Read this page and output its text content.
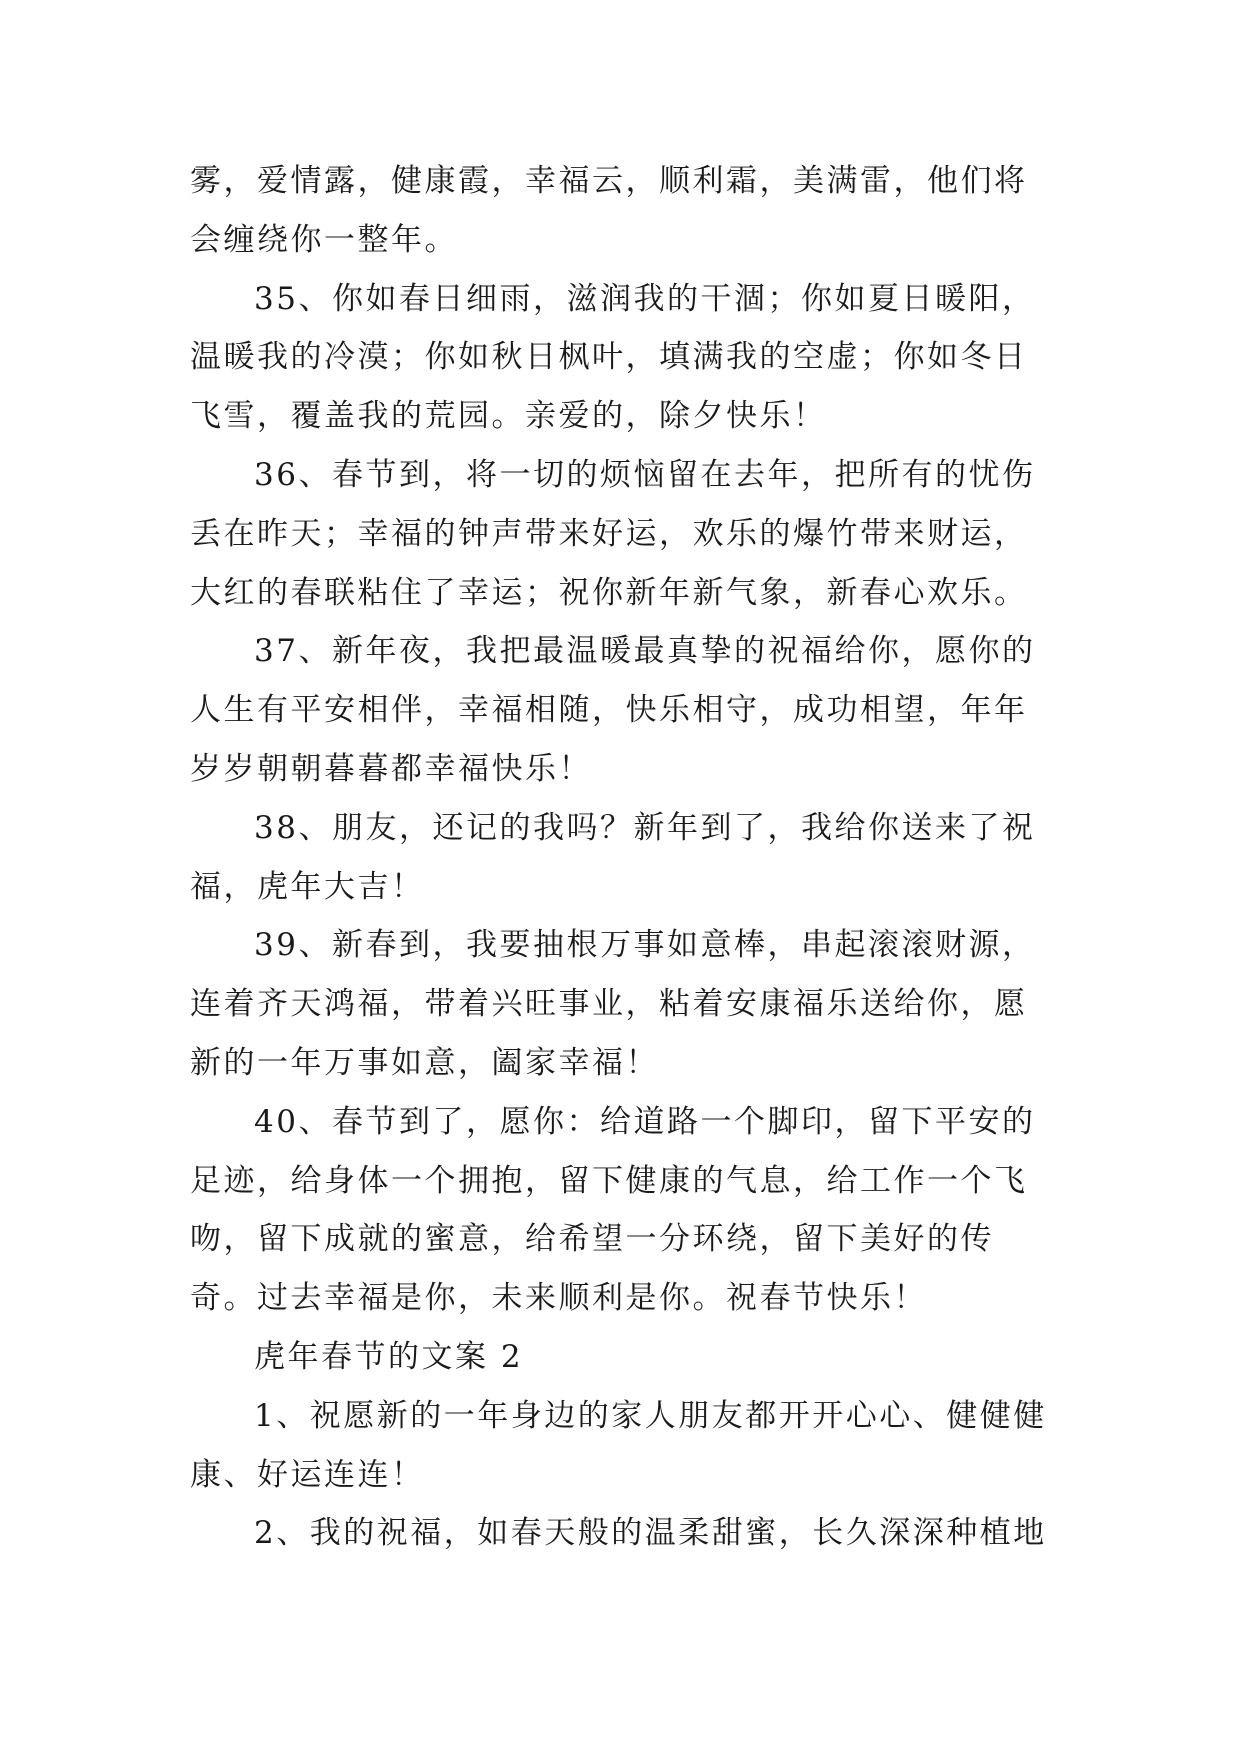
雾，爱情露，健康霞，幸福云，顺利霜，美满雷，他们将会缠绕你一整年。

35、你如春日细雨，滋润我的干涸；你如夏日暖阳，温暖我的冷漠；你如秋日枫叶，填满我的空虚；你如冬日飞雪，覆盖我的荒园。亲爱的，除夕快乐！

36、春节到，将一切的烦恼留在去年，把所有的忧伤丢在昨天；幸福的钟声带来好运，欢乐的爆竹带来财运，大红的春联粘住了幸运；祝你新年新气象，新春心欢乐。

37、新年夜，我把最温暖最真挚的祝福给你，愿你的人生有平安相伴，幸福相随，快乐相守，成功相望，年年岁岁朝朝暮暮都幸福快乐！

38、朋友，还记的我吗？新年到了，我给你送来了祝福，虎年大吉！

39、新春到，我要抽根万事如意棒，串起滚滚财源，连着齐天鸿福，带着兴旺事业，粘着安康福乐送给你，愿新的一年万事如意，阖家幸福！

40、春节到了，愿你：给道路一个脚印，留下平安的足迹，给身体一个拥抱，留下健康的气息，给工作一个飞吻，留下成就的蜜意，给希望一分环绕，留下美好的传奇。过去幸福是你，未来顺利是你。祝春节快乐！

虎年春节的文案 2

1、祝愿新的一年身边的家人朋友都开开心心、健健健康、好运连连！

2、我的祝福，如春天般的温柔甜蜜，长久深深种植地
